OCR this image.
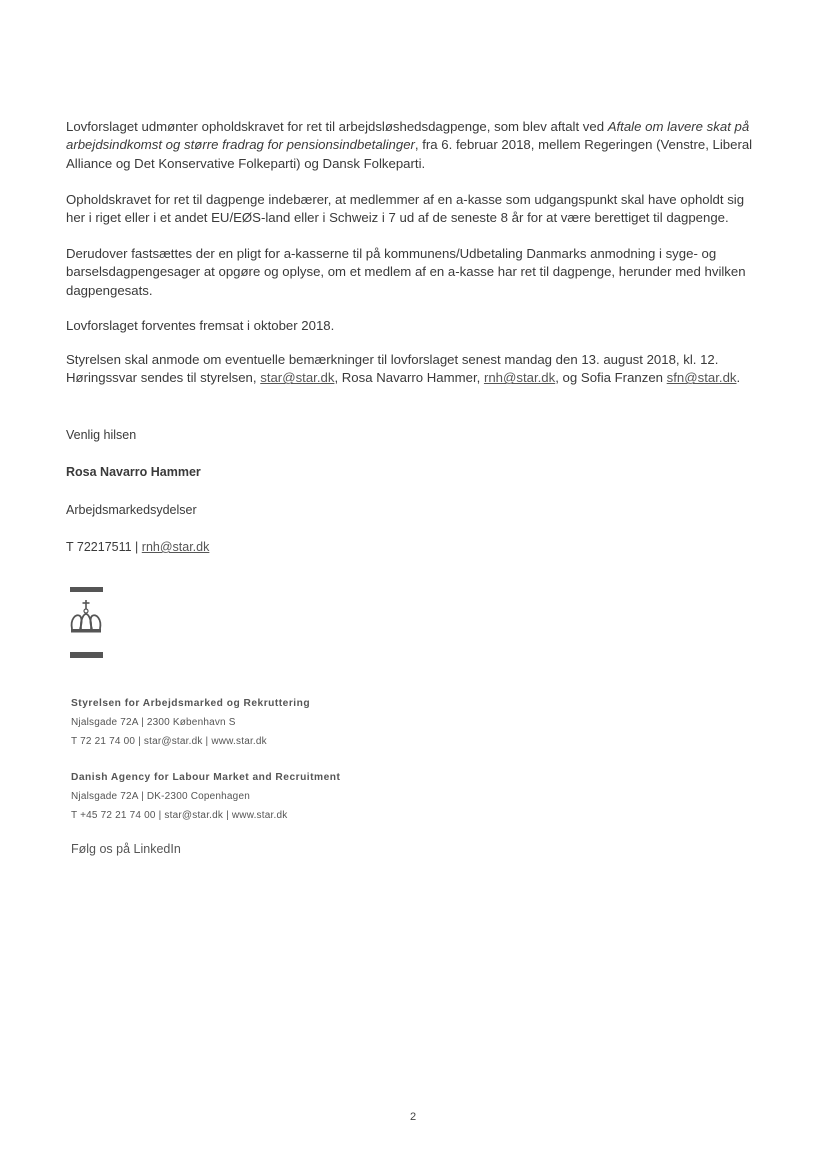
Lovforslaget udmønter opholdskravet for ret til arbejdsløshedsdagpenge, som blev aftalt ved Aftale om lavere skat på arbejdsindkomst og større fradrag for pensionsindbetalinger, fra 6. februar 2018, mellem Regeringen (Venstre, Liberal Alliance og Det Konservative Folkeparti) og Dansk Folkeparti.

Opholdskravet for ret til dagpenge indebærer, at medlemmer af en a-kasse som udgangspunkt skal have opholdt sig her i riget eller i et andet EU/EØS-land eller i Schweiz i 7 ud af de seneste 8 år for at være berettiget til dagpenge.

Derudover fastsættes der en pligt for a-kasserne til på kommunens/Udbetaling Danmarks anmodning i syge- og barselsdagpengesager at opgøre og oplyse, om et medlem af en a-kasse har ret til dagpenge, herunder med hvilken dagpengesats.

Lovforslaget forventes fremsat i oktober 2018.

Styrelsen skal anmode om eventuelle bemærkninger til lovforslaget senest mandag den 13. august 2018, kl. 12.
Høringssvar sendes til styrelsen, star@star.dk, Rosa Navarro Hammer, rnh@star.dk, og Sofia Franzen sfn@star.dk.

Venlig hilsen
Rosa Navarro Hammer
Arbejdsmarkedsydelser
T 72217511 | rnh@star.dk
Styrelsen for Arbejdsmarked og Rekruttering
Njalsgade 72A | 2300 København S
T 72 21 74 00 | star@star.dk | www.star.dk
Danish Agency for Labour Market and Recruitment
Njalsgade 72A | DK-2300 Copenhagen
T +45 72 21 74 00 | star@star.dk | www.star.dk
Følg os på LinkedIn
2
